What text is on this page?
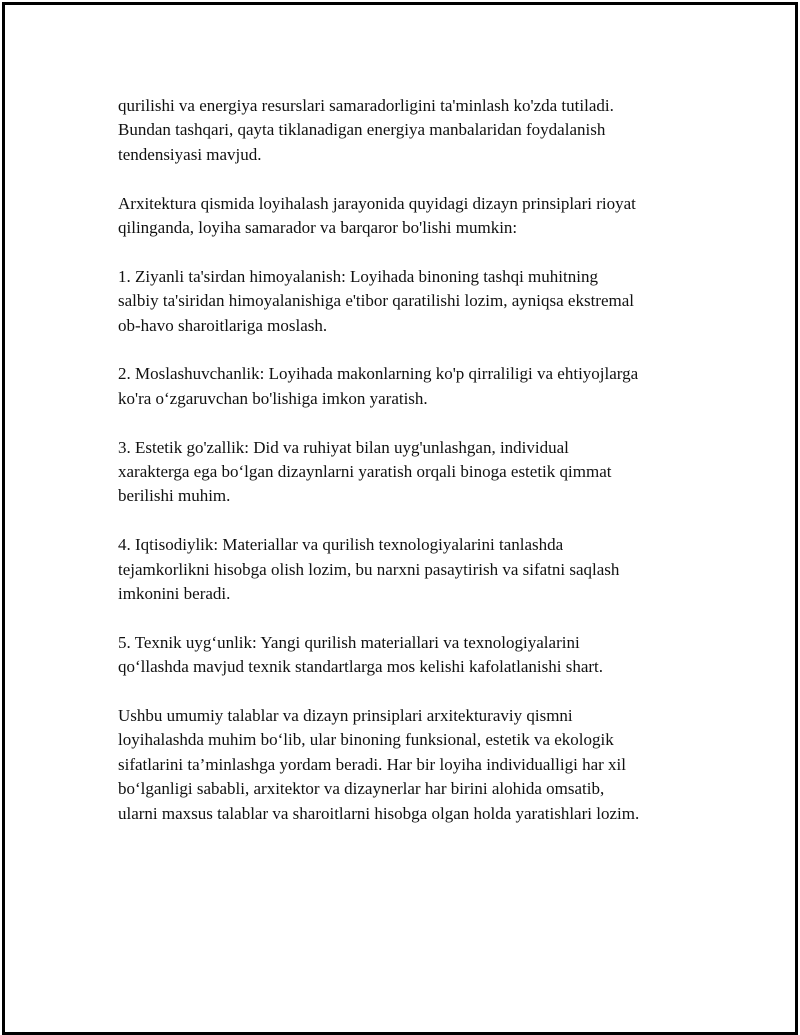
qurilishi va energiya resurslari samaradorligini ta'minlash ko'zda tutiladi.
Bundan tashqari, qayta tiklanadigan energiya manbalaridan foydalanish
tendensiyasi mavjud.

Arxitektura qismida loyihalash jarayonida quyidagi dizayn prinsiplari rioyat
qilinganda, loyiha samarador va barqaror bo'lishi mumkin:

1. Ziyanli ta'sirdan himoyalanish: Loyihada binoning tashqi muhitning
salbiy ta'siridan himoyalanishiga e'tibor qaratilishi lozim, ayniqsa ekstremal
ob-havo sharoitlariga moslash.

2. Moslashuvchanlik: Loyihada makonlarning ko'p qirraliligi va ehtiyojlarga
ko'ra o‘zgaruvchan bo'lishiga imkon yaratish.

3. Estetik go'zallik: Did va ruhiyat bilan uyg'unlashgan, individual
xarakterga ega bo‘lgan dizaynlarni yaratish orqali binoga estetik qimmat
berilishi muhim.

4. Iqtisodiylik: Materiallar va qurilish texnologiyalarini tanlashda
tejamkorlikni hisobga olish lozim, bu narxni pasaytirish va sifatni saqlash
imkonini beradi.

5. Texnik uyg‘unlik: Yangi qurilish materiallari va texnologiyalarini
qo‘llashda mavjud texnik standartlarga mos kelishi kafolatlanishi shart.

Ushbu umumiy talablar va dizayn prinsiplari arxitekturaviy qismni
loyihalashda muhim bo‘lib, ular binoning funksional, estetik va ekologik
sifatlarini ta’minlashga yordam beradi. Har bir loyiha individualligi har xil
bo‘lganligi sababli, arxitektor va dizaynerlar har birini alohida omsatib,
ularni maxsus talablar va sharoitlarni hisobga olgan holda yaratishlari lozim.
